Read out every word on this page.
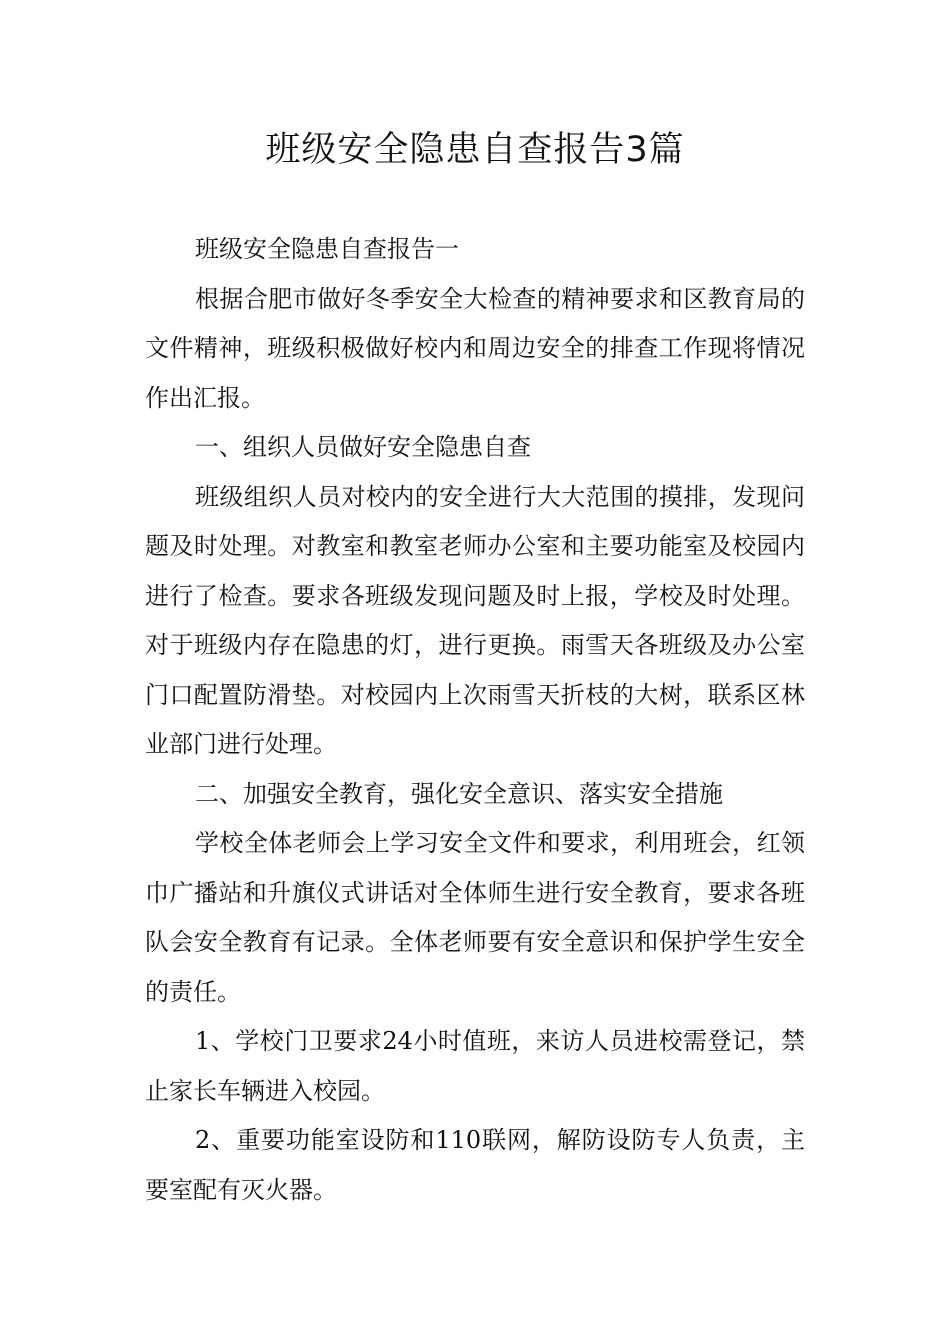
班级安全隐患自查报告3篇

班级安全隐患自查报告一

根据合肥市做好冬季安全大检查的精神要求和区教育局的文件精神，班级积极做好校内和周边安全的排查工作现将情况作出汇报。

一、组织人员做好安全隐患自查

班级组织人员对校内的安全进行大大范围的摸排，发现问题及时处理。对教室和教室老师办公室和主要功能室及校园内进行了检查。要求各班级发现问题及时上报，学校及时处理。对于班级内存在隐患的灯，进行更换。雨雪天各班级及办公室门口配置防滑垫。对校园内上次雨雪天折枝的大树，联系区林业部门进行处理。

二、加强安全教育，强化安全意识、落实安全措施

学校全体老师会上学习安全文件和要求，利用班会，红领巾广播站和升旗仪式讲话对全体师生进行安全教育，要求各班队会安全教育有记录。全体老师要有安全意识和保护学生安全的责任。

1、学校门卫要求24小时值班，来访人员进校需登记，禁止家长车辆进入校园。

2、重要功能室设防和110联网，解防设防专人负责，主要室配有灭火器。
